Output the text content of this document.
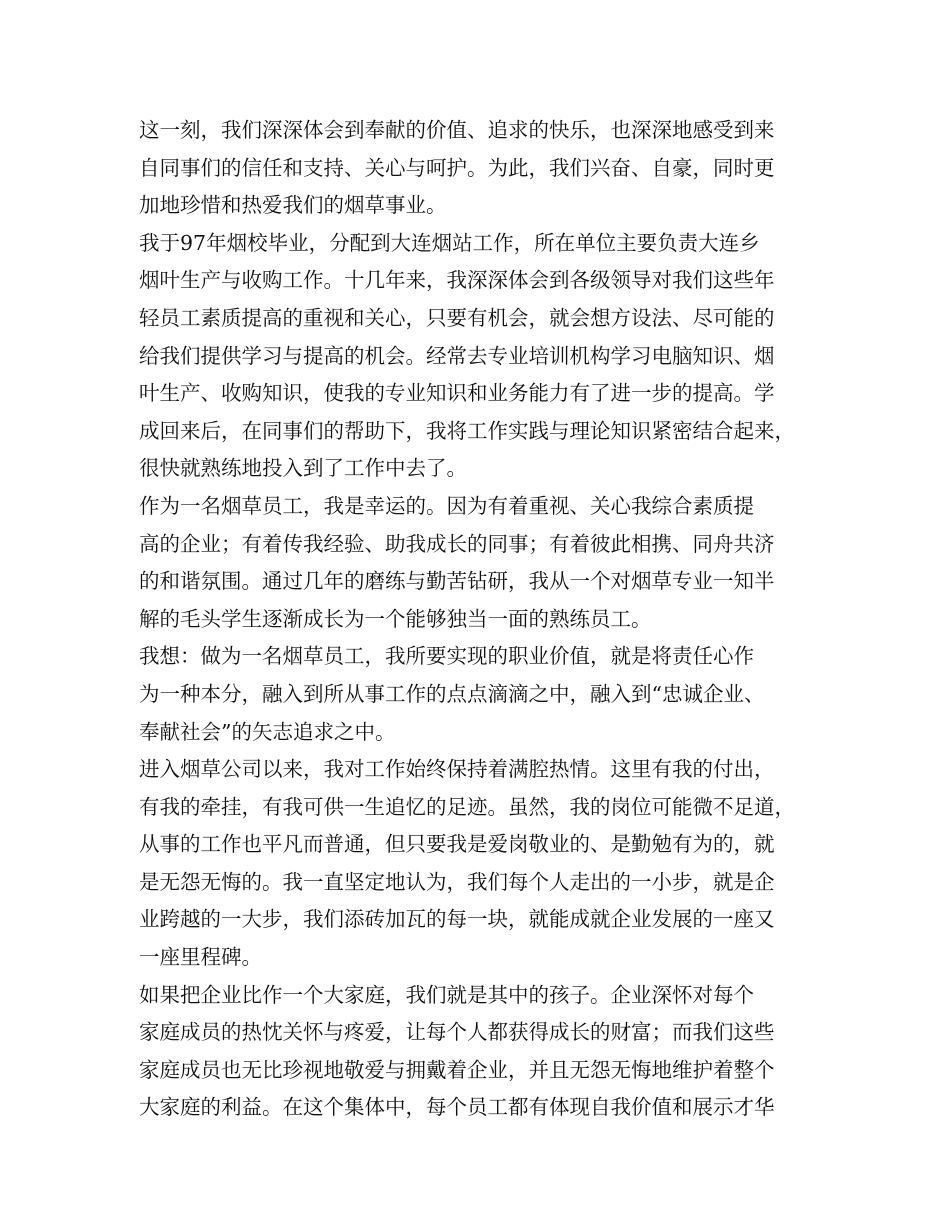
这一刻，我们深深体会到奉献的价值、追求的快乐，也深深地感受到来
自同事们的信任和支持、关心与呵护。为此，我们兴奋、自豪，同时更
加地珍惜和热爱我们的烟草事业。
我于97年烟校毕业，分配到大连烟站工作，所在单位主要负责大连乡
烟叶生产与收购工作。十几年来，我深深体会到各级领导对我们这些年
轻员工素质提高的重视和关心，只要有机会，就会想方设法、尽可能的
给我们提供学习与提高的机会。经常去专业培训机构学习电脑知识、烟
叶生产、收购知识，使我的专业知识和业务能力有了进一步的提高。学
成回来后，在同事们的帮助下，我将工作实践与理论知识紧密结合起来，
很快就熟练地投入到了工作中去了。
作为一名烟草员工，我是幸运的。因为有着重视、关心我综合素质提
高的企业；有着传我经验、助我成长的同事；有着彼此相携、同舟共济
的和谐氛围。通过几年的磨练与勤苦钻研，我从一个对烟草专业一知半
解的毛头学生逐渐成长为一个能够独当一面的熟练员工。
我想：做为一名烟草员工，我所要实现的职业价值，就是将责任心作
为一种本分，融入到所从事工作的点点滴滴之中，融入到“忠诚企业、
奉献社会”的矢志追求之中。
进入烟草公司以来，我对工作始终保持着满腔热情。这里有我的付出，
有我的牵挂，有我可供一生追忆的足迹。虽然，我的岗位可能微不足道，
从事的工作也平凡而普通，但只要我是爱岗敬业的、是勤勉有为的，就
是无怨无悔的。我一直坚定地认为，我们每个人走出的一小步，就是企
业跨越的一大步，我们添砖加瓦的每一块，就能成就企业发展的一座又
一座里程碑。
如果把企业比作一个大家庭，我们就是其中的孩子。企业深怀对每个
家庭成员的热忱关怀与疼爱，让每个人都获得成长的财富；而我们这些
家庭成员也无比珍视地敬爱与拥戴着企业，并且无怨无悔地维护着整个
大家庭的利益。在这个集体中，每个员工都有体现自我价值和展示才华
